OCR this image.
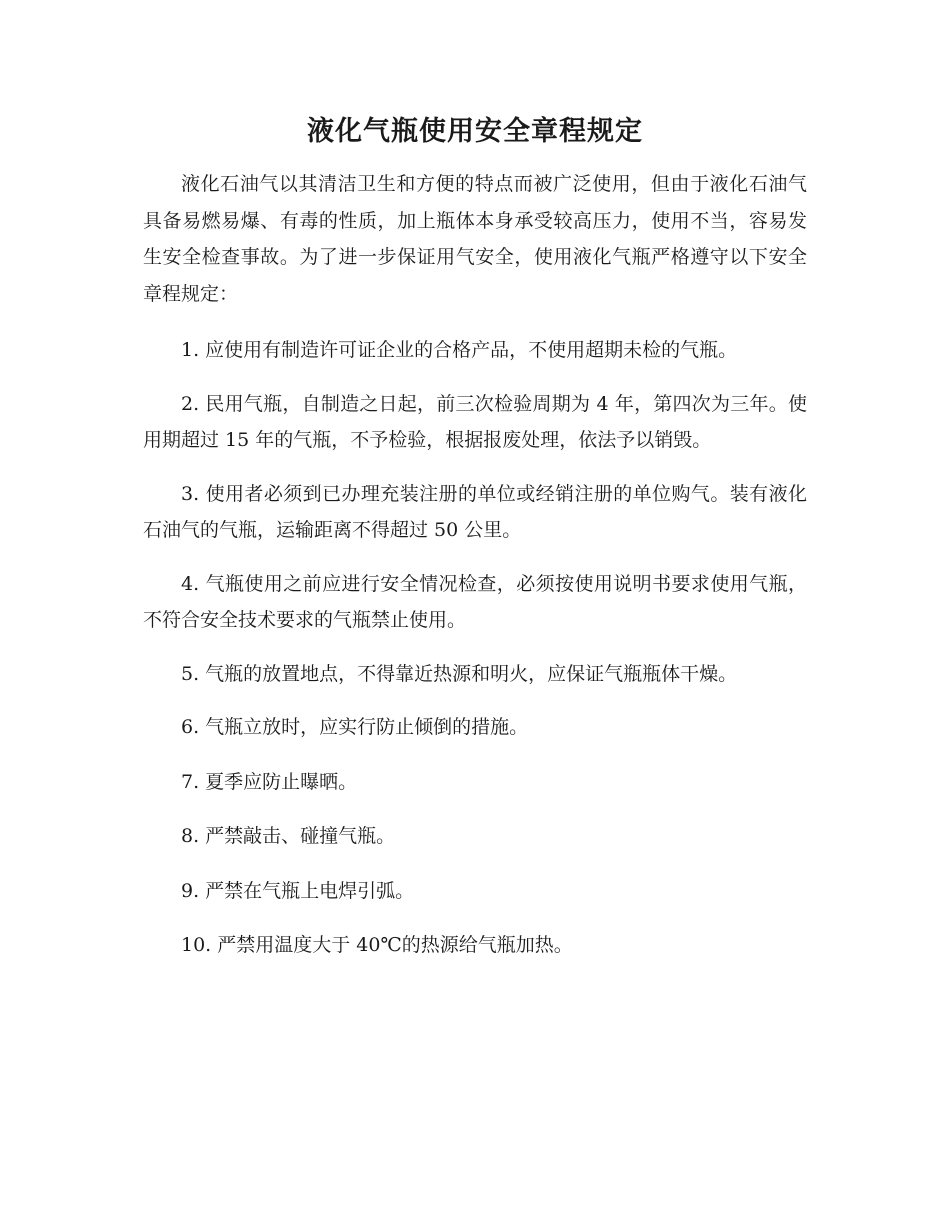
液化气瓶使用安全章程规定

液化石油气以其清洁卫生和方便的特点而被广泛使用，但由于液化石油气具备易燃易爆、有毒的性质，加上瓶体本身承受较高压力，使用不当，容易发生安全检查事故。为了进一步保证用气安全，使用液化气瓶严格遵守以下安全章程规定：

1. 应使用有制造许可证企业的合格产品，不使用超期未检的气瓶。

2. 民用气瓶，自制造之日起，前三次检验周期为 4 年，第四次为三年。使用期超过 15 年的气瓶，不予检验，根据报废处理，依法予以销毁。

3. 使用者必须到已办理充装注册的单位或经销注册的单位购气。装有液化石油气的气瓶，运输距离不得超过 50 公里。

4. 气瓶使用之前应进行安全情况检查，必须按使用说明书要求使用气瓶，不符合安全技术要求的气瓶禁止使用。

5. 气瓶的放置地点，不得靠近热源和明火，应保证气瓶瓶体干燥。

6. 气瓶立放时，应实行防止倾倒的措施。

7. 夏季应防止曝晒。

8. 严禁敲击、碰撞气瓶。

9. 严禁在气瓶上电焊引弧。

10. 严禁用温度大于 40℃的热源给气瓶加热。
